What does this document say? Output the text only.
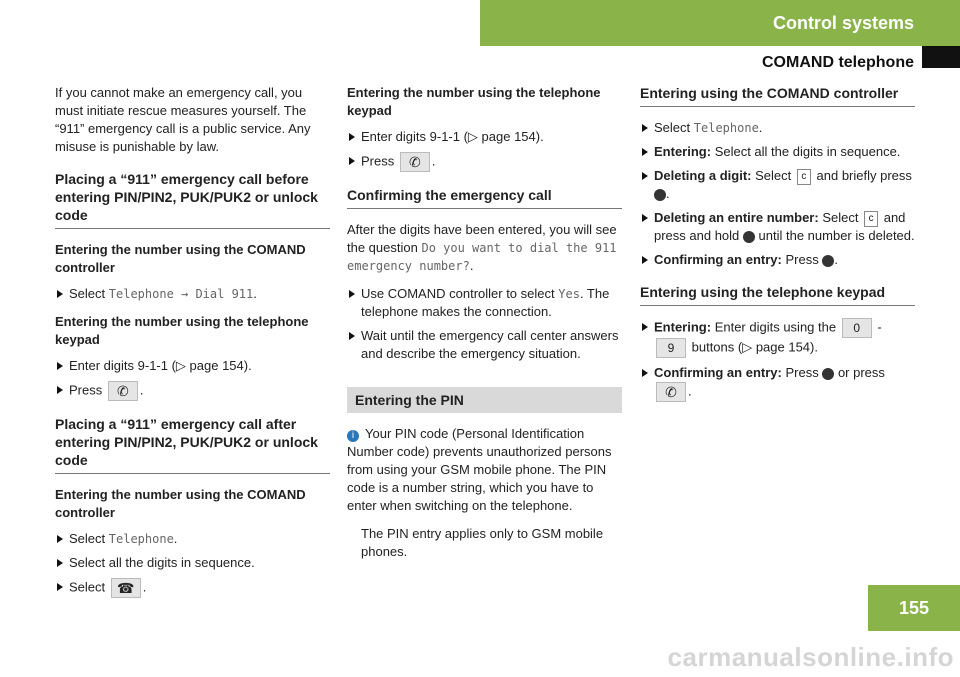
Control systems
COMAND telephone

If you cannot make an emergency call, you must initiate rescue measures yourself. The “911” emergency call is a public service. Any misuse is punishable by law.

Placing a “911” emergency call before entering PIN/PIN2, PUK/PUK2 or unlock code
Entering the number using the COMAND controller
Select Telephone → Dial 911.
Entering the number using the telephone keypad
Enter digits 9-1-1 (▷ page 154).
Press ✆ .
Placing a “911” emergency call after entering PIN/PIN2, PUK/PUK2 or unlock code
Entering the number using the COMAND controller
Select Telephone.
Select all the digits in sequence.
Select ☎ .
Entering the number using the telephone keypad
Enter digits 9-1-1 (▷ page 154).
Press ✆ .
Confirming the emergency call

After the digits have been entered, you will see the question Do you want to dial the 911 emergency number?.

Use COMAND controller to select Yes. The telephone makes the connection.
Wait until the emergency call center answers and describe the emergency situation.
Entering the PIN

i Your PIN code (Personal Identification Number code) prevents unauthorized persons from using your GSM mobile phone. The PIN code is a number string, which you have to enter when switching on the telephone.

The PIN entry applies only to GSM mobile phones.

Entering using the COMAND controller
Select Telephone.
Entering: Select all the digits in sequence.
Deleting a digit: Select c and briefly press .
Deleting an entire number: Select c and press and hold until the number is deleted.
Confirming an entry: Press .
Entering using the telephone keypad
Entering: Enter digits using the 0 - 9 buttons (▷ page 154).
Confirming an entry: Press or press ✆ .
155
carmanualsonline.info
